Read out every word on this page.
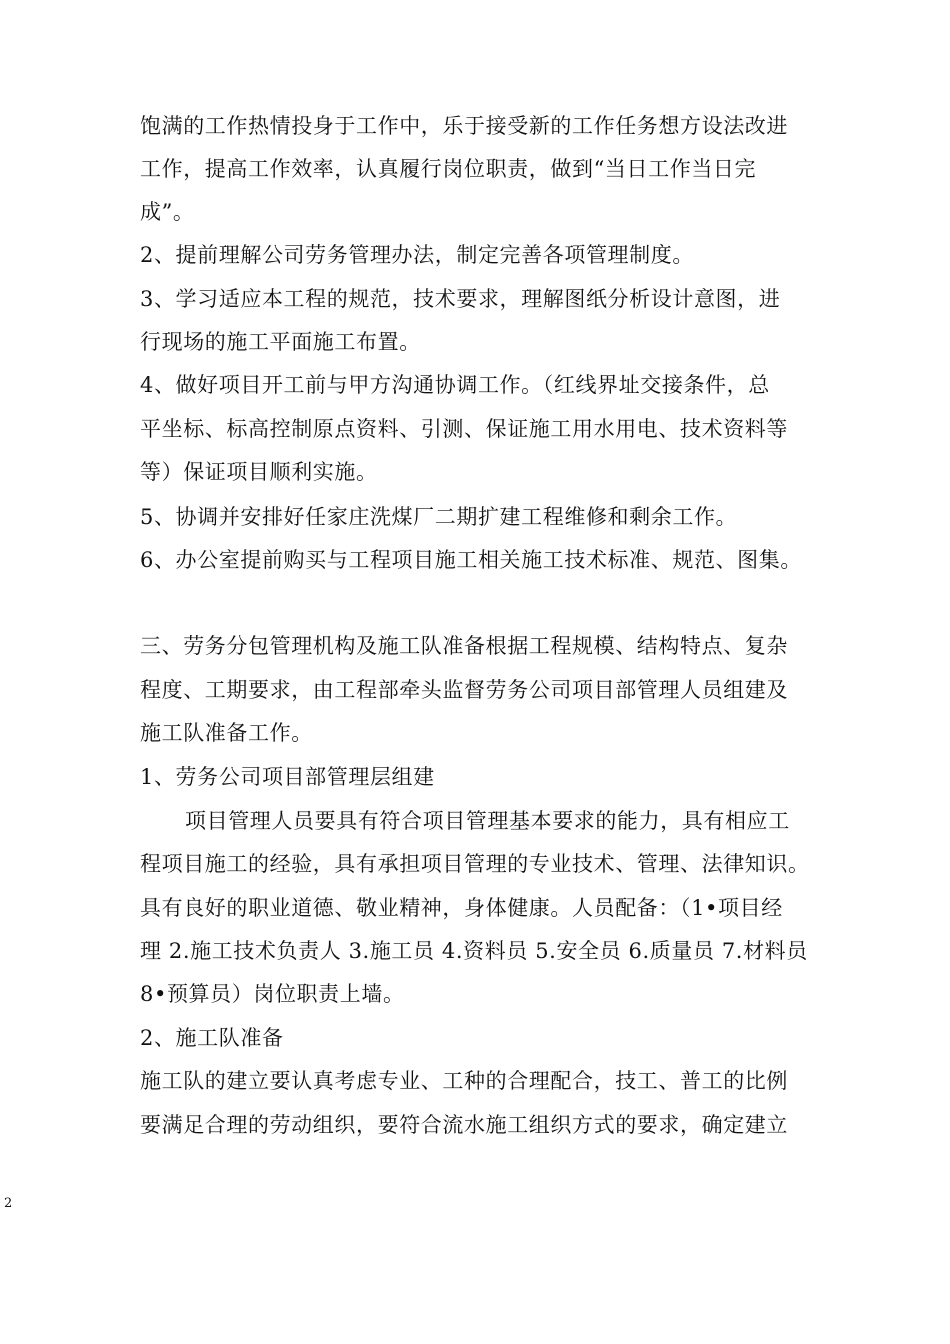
饱满的工作热情投身于工作中，乐于接受新的工作任务想方设法改进
工作，提高工作效率，认真履行岗位职责，做到“当日工作当日完
成”。
2、提前理解公司劳务管理办法，制定完善各项管理制度。
3、学习适应本工程的规范，技术要求，理解图纸分析设计意图，进
行现场的施工平面施工布置。
4、做好项目开工前与甲方沟通协调工作。（红线界址交接条件，总
平坐标、标高控制原点资料、引测、保证施工用水用电、技术资料等
等）保证项目顺利实施。
5、协调并安排好任家庄洗煤厂二期扩建工程维修和剩余工作。
6、办公室提前购买与工程项目施工相关施工技术标准、规范、图集。
三、劳务分包管理机构及施工队准备根据工程规模、结构特点、复杂
程度、工期要求，由工程部牵头监督劳务公司项目部管理人员组建及
施工队准备工作。
1、劳务公司项目部管理层组建
项目管理人员要具有符合项目管理基本要求的能力，具有相应工
程项目施工的经验，具有承担项目管理的专业技术、管理、法律知识。
具有良好的职业道德、敬业精神，身体健康。人员配备：（1•项目经
理 2.施工技术负责人 3.施工员 4.资料员 5.安全员 6.质量员 7.材料员
8•预算员）岗位职责上墙。
2、施工队准备
施工队的建立要认真考虑专业、工种的合理配合，技工、普工的比例
要满足合理的劳动组织，要符合流水施工组织方式的要求，确定建立
2
